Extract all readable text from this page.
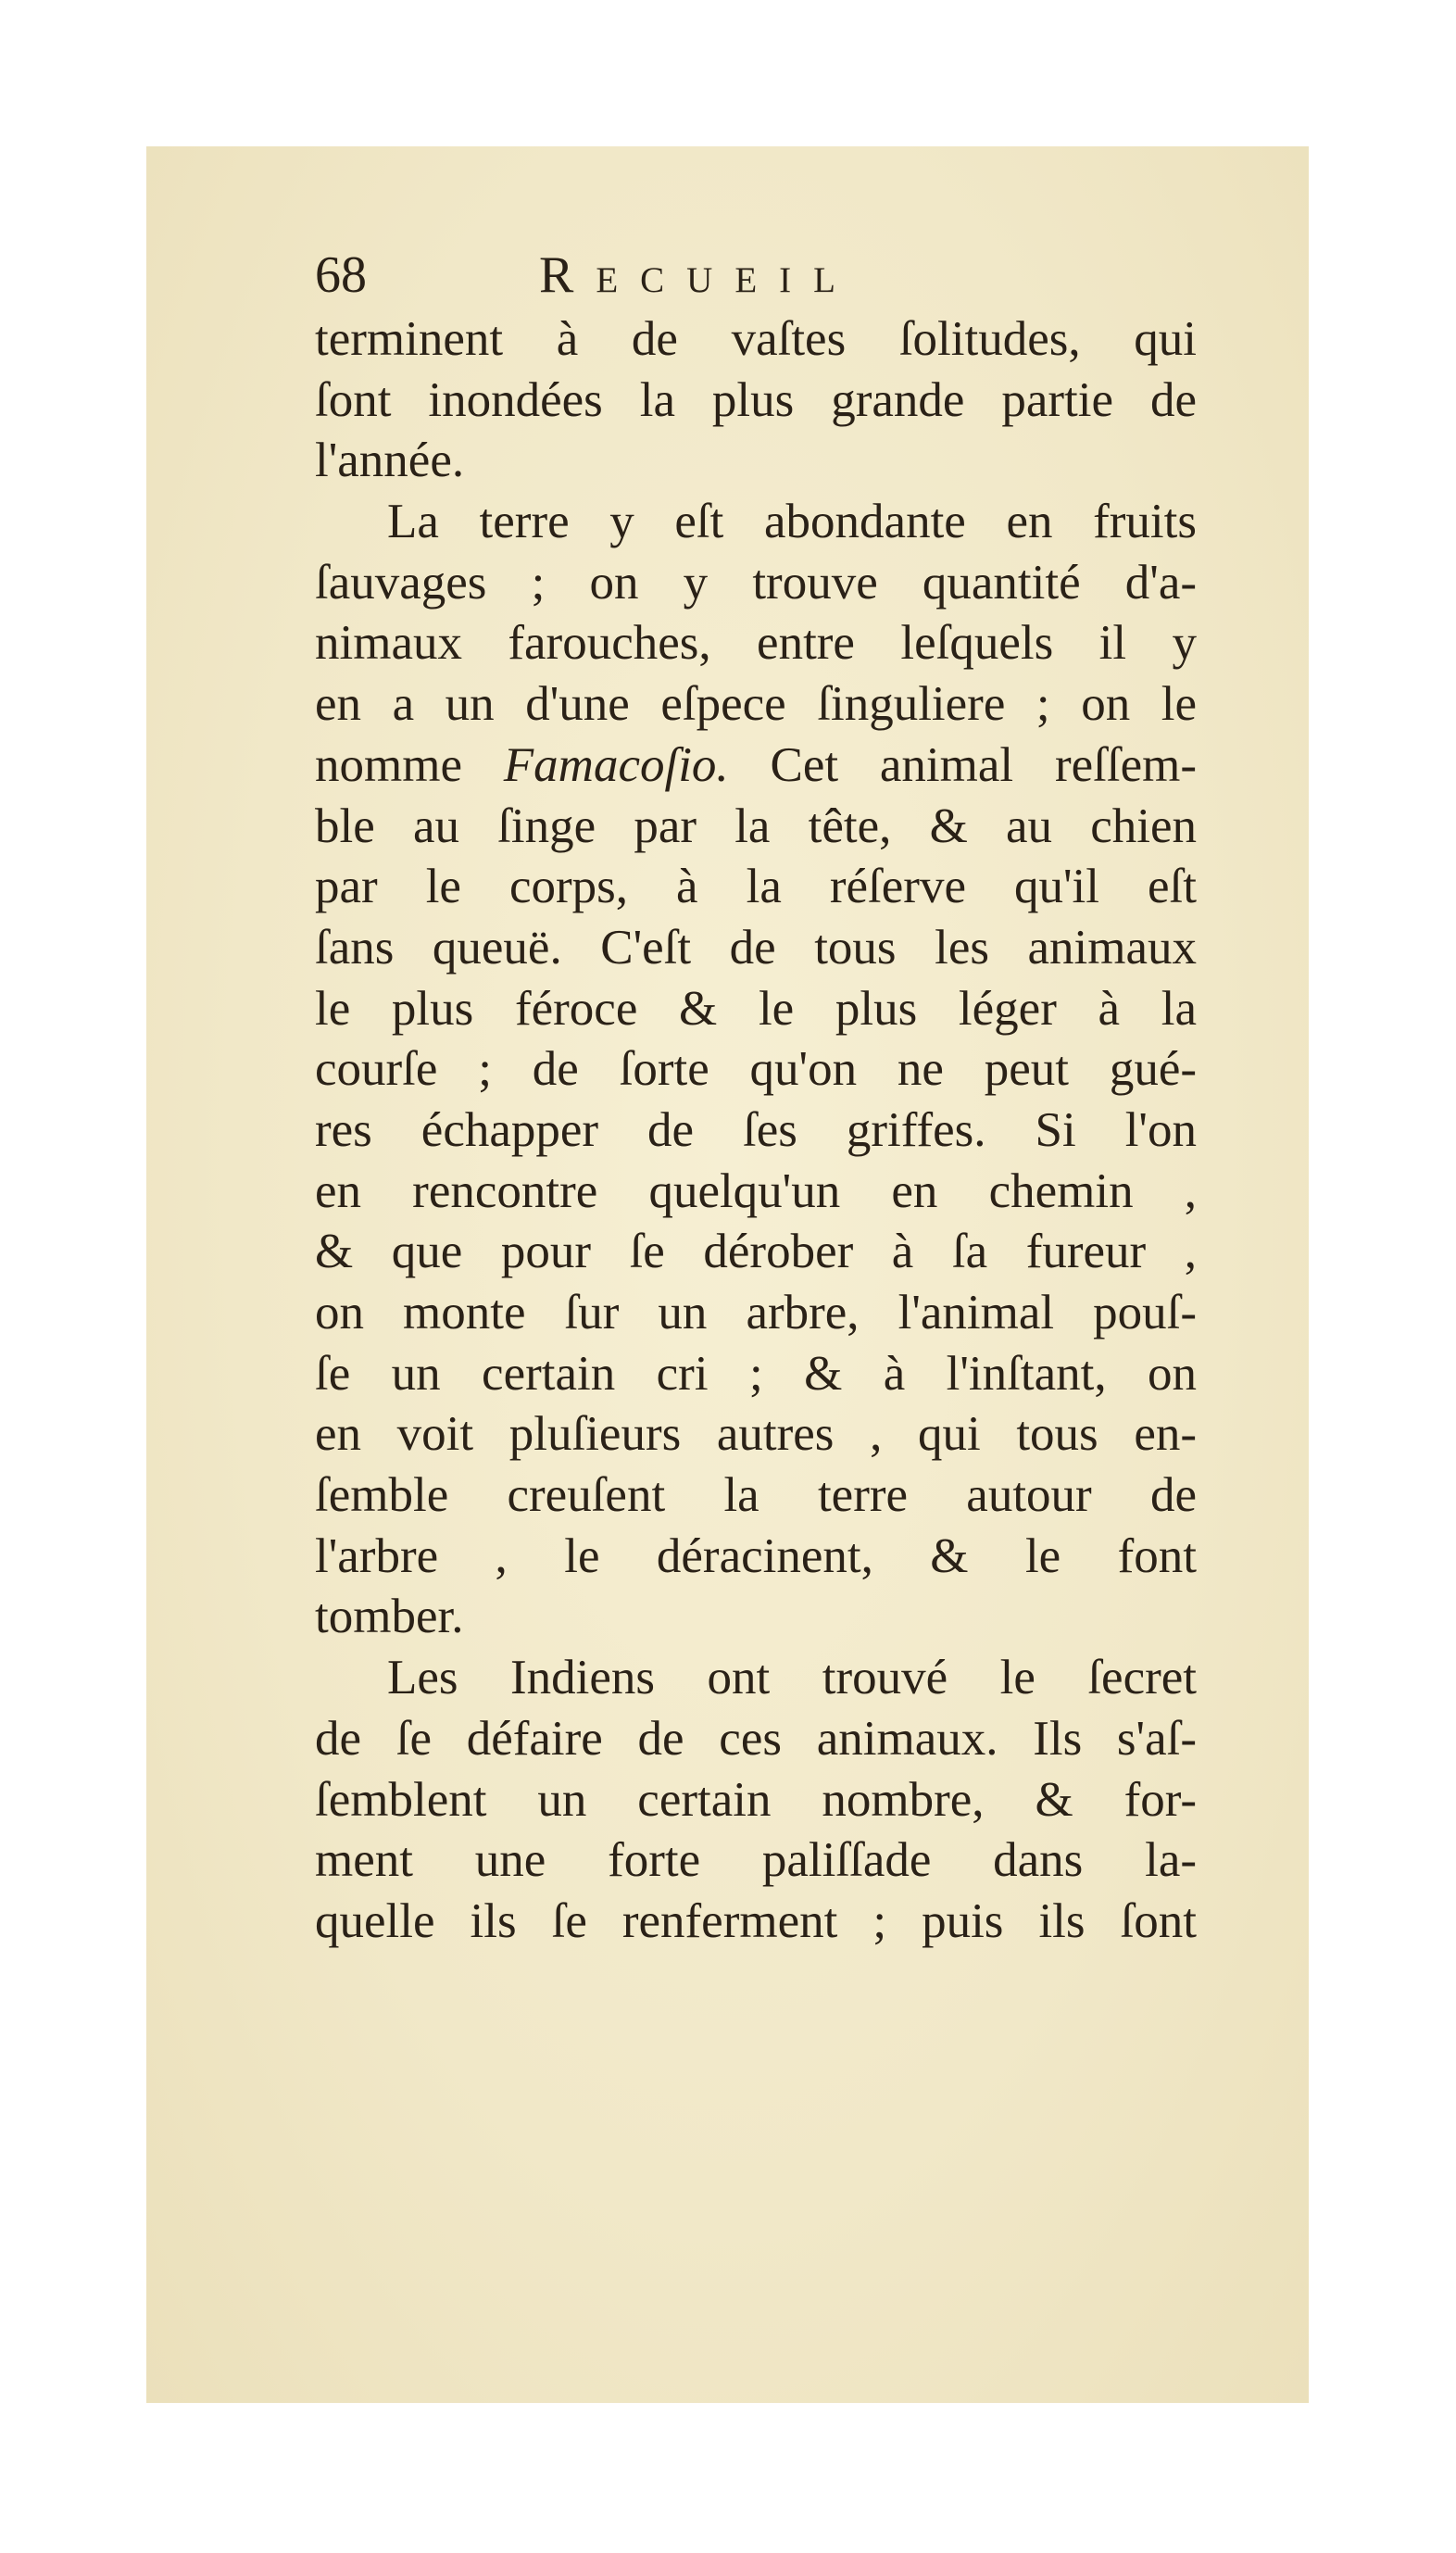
68	Recueil
terminent à de vaſtes ſolitudes, qui
ſont inondées la plus grande partie de
l'année.
La terre y eſt abondante en fruits
ſauvages ; on y trouve quantité d'a-
nimaux farouches, entre leſquels il y
en a un d'une eſpece ſinguliere ; on le
nomme Famacoſio. Cet animal reſſem-
ble au ſinge par la tête, & au chien
par le corps, à la réſerve qu'il eſt
ſans queuë. C'eſt de tous les animaux
le plus féroce & le plus léger à la
courſe ; de ſorte qu'on ne peut gué-
res échapper de ſes griffes. Si l'on
en rencontre quelqu'un en chemin ,
& que pour ſe dérober à ſa fureur ,
on monte ſur un arbre, l'animal pouſ-
ſe un certain cri ; & à l'inſtant, on
en voit pluſieurs autres , qui tous en-
ſemble creuſent la terre autour de
l'arbre , le déracinent, & le font
tomber.
Les Indiens ont trouvé le ſecret
de ſe défaire de ces animaux. Ils s'aſ-
ſemblent un certain nombre, & for-
ment une forte paliſſade dans la-
quelle ils ſe renferment ; puis ils ſont
